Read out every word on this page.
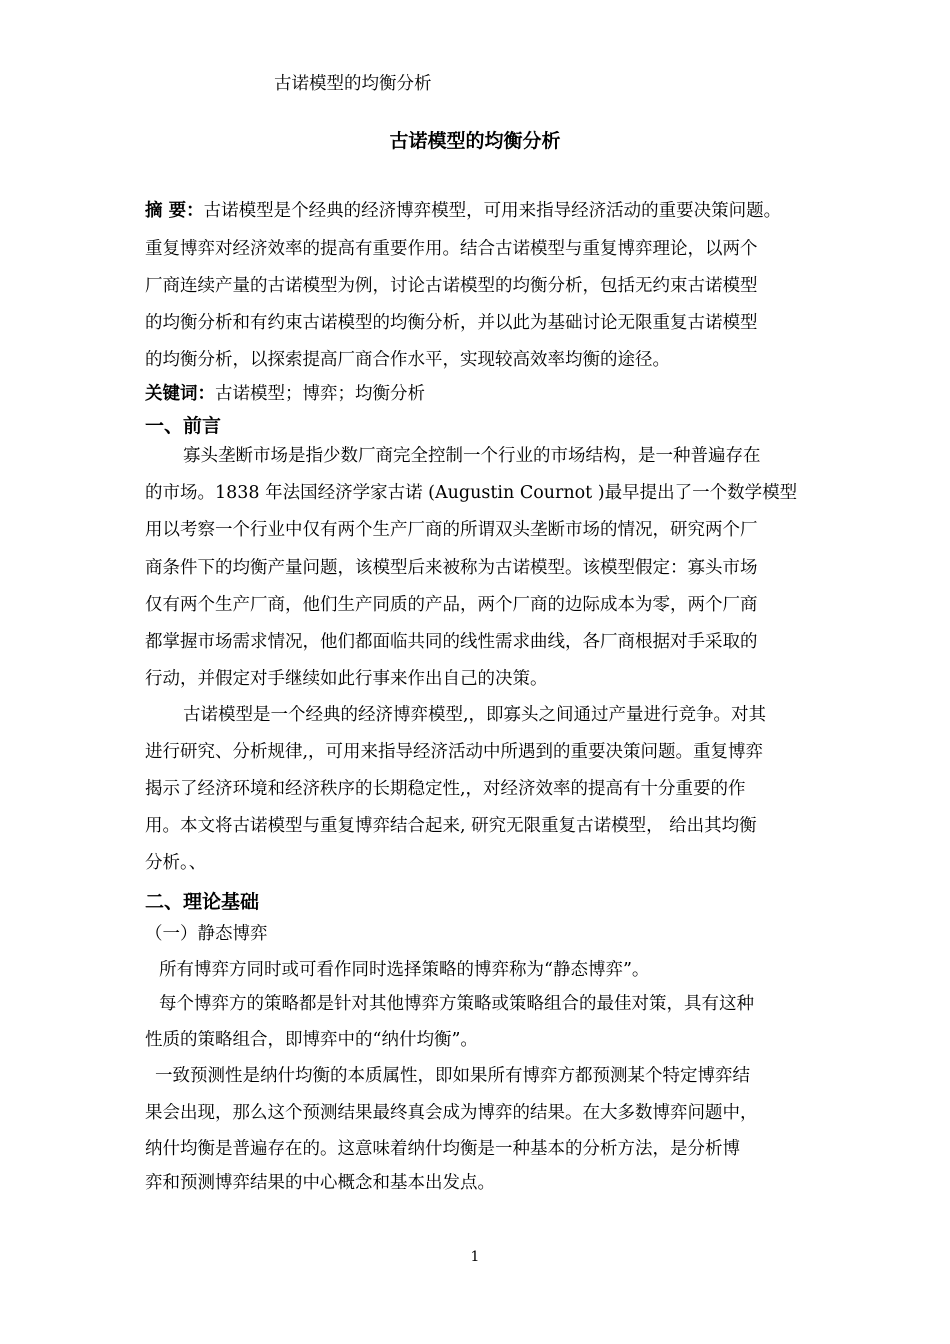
古诺模型的均衡分析
古诺模型的均衡分析
摘 要：古诺模型是个经典的经济博弈模型，可用来指导经济活动的重要决策问题。
重复博弈对经济效率的提高有重要作用。结合古诺模型与重复博弈理论，以两个
厂商连续产量的古诺模型为例，讨论古诺模型的均衡分析，包括无约束古诺模型
的均衡分析和有约束古诺模型的均衡分析，并以此为基础讨论无限重复古诺模型
的均衡分析，以探索提高厂商合作水平，实现较高效率均衡的途径。
关键词：古诺模型；博弈；均衡分析
一、前言
寡头垄断市场是指少数厂商完全控制一个行业的市场结构，是一种普遍存在
的市场。1838 年法国经济学家古诺 (Augustin Cournot )最早提出了一个数学模型
用以考察一个行业中仅有两个生产厂商的所谓双头垄断市场的情况，研究两个厂
商条件下的均衡产量问题，该模型后来被称为古诺模型。该模型假定：寡头市场
仅有两个生产厂商，他们生产同质的产品，两个厂商的边际成本为零，两个厂商
都掌握市场需求情况，他们都面临共同的线性需求曲线，各厂商根据对手采取的
行动，并假定对手继续如此行事来作出自己的决策。
古诺模型是一个经典的经济博弈模型,，即寡头之间通过产量进行竞争。对其
进行研究、分析规律,，可用来指导经济活动中所遇到的重要决策问题。重复博弈
揭示了经济环境和经济秩序的长期稳定性,，对经济效率的提高有十分重要的作
用。本文将古诺模型与重复博弈结合起来, 研究无限重复古诺模型， 给出其均衡
分析。、
二、理论基础
（一）静态博弈
所有博弈方同时或可看作同时选择策略的博弈称为“静态博弈”。
每个博弈方的策略都是针对其他博弈方策略或策略组合的最佳对策，具有这种
性质的策略组合，即博弈中的“纳什均衡”。
一致预测性是纳什均衡的本质属性，即如果所有博弈方都预测某个特定博弈结
果会出现，那么这个预测结果最终真会成为博弈的结果。在大多数博弈问题中，
纳什均衡是普遍存在的。这意味着纳什均衡是一种基本的分析方法，是分析博
弈和预测博弈结果的中心概念和基本出发点。
1
